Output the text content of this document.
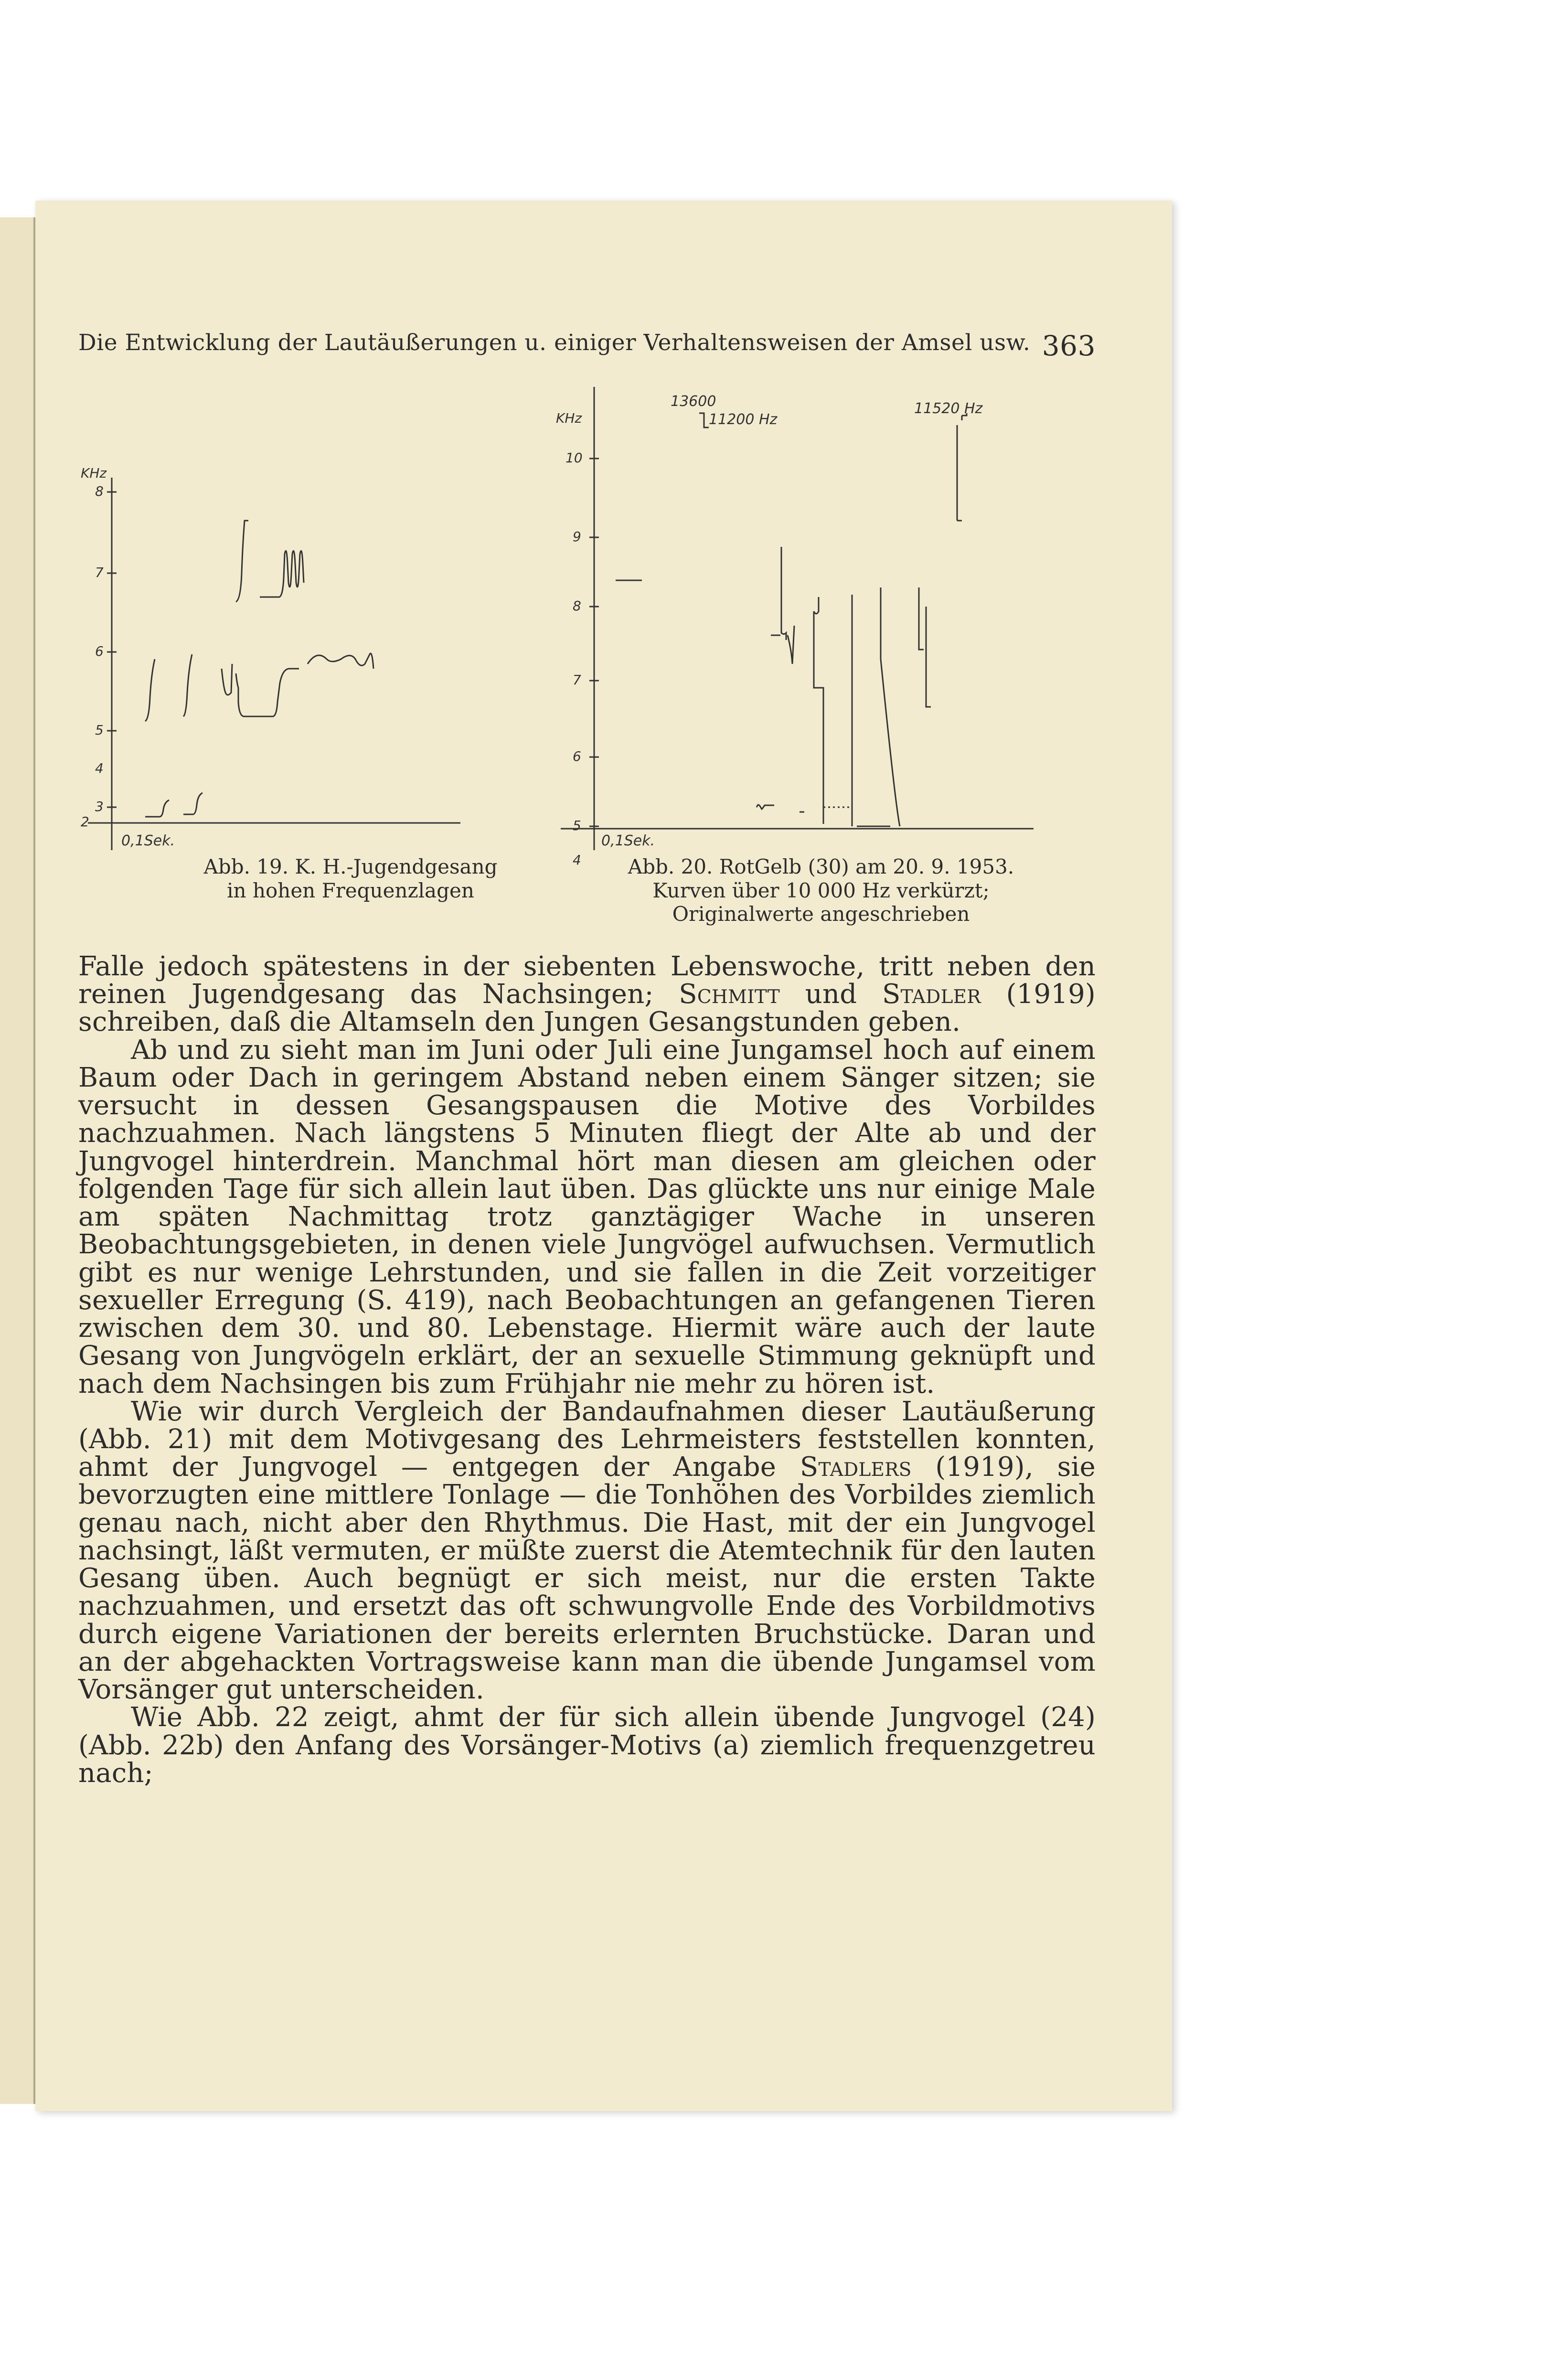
Die Entwicklung der Lautäußerungen u. einiger Verhaltensweisen der Amsel usw. 363
KHz
8
7
6
5
4
3
2
0,1Sek.
KHz
10
9
8
7
6
5
4
0,1Sek.
13600
11200 Hz
11520 Hz
Abb. 19. K. H.-Jugendgesang
in hohen Frequenzlagen
Abb. 20. RotGelb (30) am 20. 9. 1953.
Kurven über 10 000 Hz verkürzt;
Originalwerte angeschrieben

Falle jedoch spätestens in der siebenten Lebenswoche, tritt neben den reinen Jugendgesang das Nachsingen; Schmitt und Stadler (1919) schreiben, daß die Altamseln den Jungen Gesangstunden geben.

Ab und zu sieht man im Juni oder Juli eine Jungamsel hoch auf einem Baum oder Dach in geringem Abstand neben einem Sänger sitzen; sie versucht in dessen Gesangspausen die Motive des Vorbildes nachzuahmen. Nach längstens 5 Minuten fliegt der Alte ab und der Jungvogel hinterdrein. Manchmal hört man diesen am gleichen oder folgenden Tage für sich allein laut üben. Das glückte uns nur einige Male am späten Nachmittag trotz ganztägiger Wache in unseren Beobachtungsgebieten, in denen viele Jungvögel aufwuchsen. Vermutlich gibt es nur wenige Lehrstunden, und sie fallen in die Zeit vorzeitiger sexueller Erregung (S. 419), nach Beobachtungen an gefangenen Tieren zwischen dem 30. und 80. Lebenstage. Hiermit wäre auch der laute Gesang von Jungvögeln erklärt, der an sexuelle Stimmung geknüpft und nach dem Nachsingen bis zum Frühjahr nie mehr zu hören ist.

Wie wir durch Vergleich der Bandaufnahmen dieser Lautäußerung (Abb. 21) mit dem Motivgesang des Lehrmeisters feststellen konnten, ahmt der Jungvogel — entgegen der Angabe Stadlers (1919), sie bevorzugten eine mittlere Tonlage — die Tonhöhen des Vorbildes ziemlich genau nach, nicht aber den Rhythmus. Die Hast, mit der ein Jungvogel nachsingt, läßt vermuten, er müßte zuerst die Atemtechnik für den lauten Gesang üben. Auch begnügt er sich meist, nur die ersten Takte nachzuahmen, und ersetzt das oft schwungvolle Ende des Vorbildmotivs durch eigene Variationen der bereits erlernten Bruchstücke. Daran und an der abgehackten Vortragsweise kann man die übende Jungamsel vom Vorsänger gut unterscheiden.

Wie Abb. 22 zeigt, ahmt der für sich allein übende Jungvogel (24) (Abb. 22b) den Anfang des Vorsänger-Motivs (a) ziemlich frequenzgetreu nach;
